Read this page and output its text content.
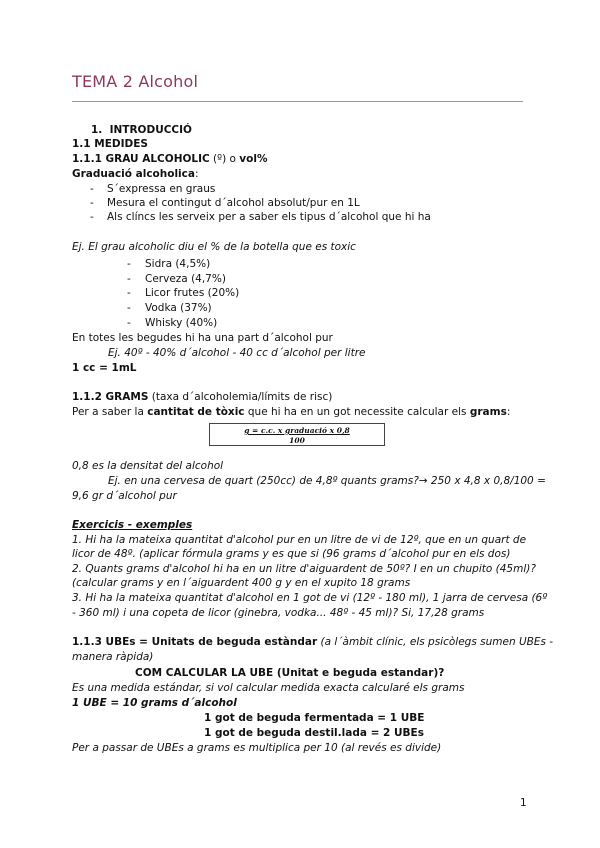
TEMA 2 Alcohol
1.  INTRODUCCIÓ
1.1 MEDIDES
1.1.1 GRAU ALCOHOLIC (º) o vol%
Graduació alcoholica:
- S´expressa en graus
- Mesura el contingut d´alcohol absolut/pur en 1L
- Als clíncs les serveix per a saber els tipus d´alcohol que hi ha
Ej. El grau alcoholic diu el % de la botella que es toxic
- Sidra (4,5%)
- Cerveza (4,7%)
- Licor frutes (20%)
- Vodka (37%)
- Whisky (40%)
En totes les begudes hi ha una part d´alcohol pur
Ej. 40º - 40% d´alcohol - 40 cc d´alcohol per litre
1 cc = 1mL
1.1.2 GRAMS (taxa d´alcoholemia/límits de risc)
Per a saber la cantitat de tòxic que hi ha en un got necessite calcular els grams:
g = c.c. x graduació x 0,8
100
0,8 es la densitat del alcohol
Ej. en una cervesa de quart (250cc) de 4,8º quants grams?→ 250 x 4,8 x 0,8/100 =
9,6 gr d´alcohol pur
Exercicis - exemples
1. Hi ha la mateixa quantitat d'alcohol pur en un litre de vi de 12º, que en un quart de
licor de 48º. (aplicar fórmula grams y es que si (96 grams d´alcohol pur en els dos)
2. Quants grams d'alcohol hi ha en un litre d'aiguardent de 50º? I en un chupito (45ml)?
(calcular grams y en l´aiguardent 400 g y en el xupito 18 grams
3. Hi ha la mateixa quantitat d'alcohol en 1 got de vi (12º - 180 ml), 1 jarra de cervesa (6º
- 360 ml) i una copeta de licor (ginebra, vodka... 48º - 45 ml)? Si, 17,28 grams
1.1.3 UBEs = Unitats de beguda estàndar (a l´àmbit clínic, els psicòlegs sumen UBEs -
manera ràpida)
COM CALCULAR LA UBE (Unitat e beguda estandar)?
Es una medida estándar, si vol calcular medida exacta calcularé els grams
1 UBE = 10 grams d´alcohol
1 got de beguda fermentada = 1 UBE
1 got de beguda destil.lada = 2 UBEs
Per a passar de UBEs a grams es multiplica per 10 (al revés es divide)
1
